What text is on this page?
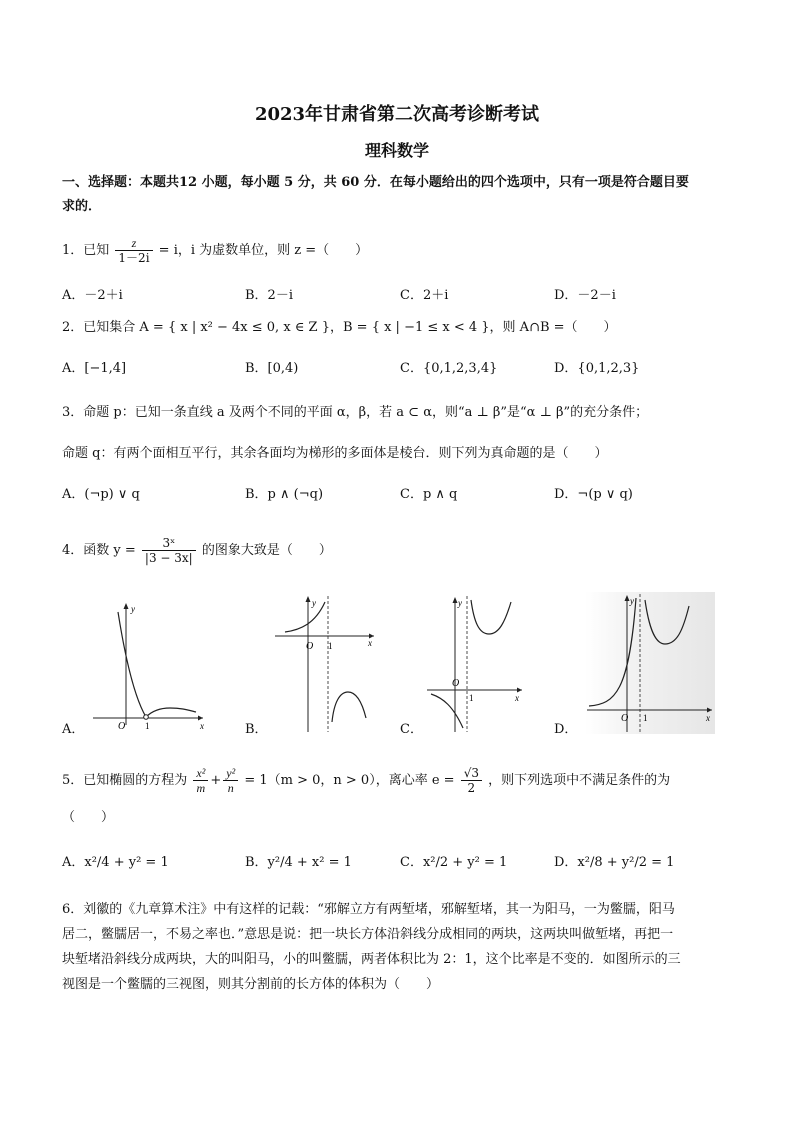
2023年甘肃省第二次高考诊断考试
理科数学
一、选择题：本题共12 小题，每小题 5 分，共 60 分．在每小题给出的四个选项中，只有一项是符合题目要
求的．
1．已知 $\frac{z}{1-2i} = i$，i 为虚数单位，则 z =（　　）
A．－2＋i	B．2－i	C．2＋i	D．－2－i
2．已知集合 A = { x | x² − 4x ≤ 0, x ∈ Z }，B = { x | −1 ≤ x < 4 }，则 A∩B =（　　）
A．[−1,4]	B．[0,4)	C．{0,1,2,3,4}	D．{0,1,2,3}
3．命题 p：已知一条直线 a 及两个不同的平面 α，β，若 a ⊂ α，则“a ⊥ β”是“α ⊥ β”的充分条件；
命题 q：有两个面相互平行，其余各面均为梯形的多面体是棱台．则下列为真命题的是（　　）
A．(¬p) ∨ q	B．p ∧ (¬q)	C．p ∧ q	D．¬(p ∨ q)
4．函数 $y = \frac{\text{3ˣ}}{|3 - 3x|}$ 的图象大致是（　　）
y
x
O 1
A．
y
x
O 1
B．
y
x
O
1
C．
y
x
O 1
D．
5．已知椭圆的方程为 $\frac{\text{x²}}{m} + \frac{\text{y²}}{n} = 1(m > 0$，n > 0），离心率 $e = \frac{√3}{2}$ ，则下列选项中不满足条件的为
（　　）
A．x²/4 + y² = 1	B．y²/4 + x² = 1	C．x²/2 + y² = 1	D．x²/8 + y²/2 = 1
6．刘徽的《九章算术注》中有这样的记载：“邪解立方有两堑堵，邪解堑堵，其一为阳马，一为鳖臑，阳马
居二，鳖臑居一，不易之率也．”意思是说：把一块长方体沿斜线分成相同的两块，这两块叫做堑堵，再把一
块堑堵沿斜线分成两块，大的叫阳马，小的叫鳖臑，两者体积比为 2：1，这个比率是不变的．如图所示的三
视图是一个鳖臑的三视图，则其分割前的长方体的体积为（　　）
